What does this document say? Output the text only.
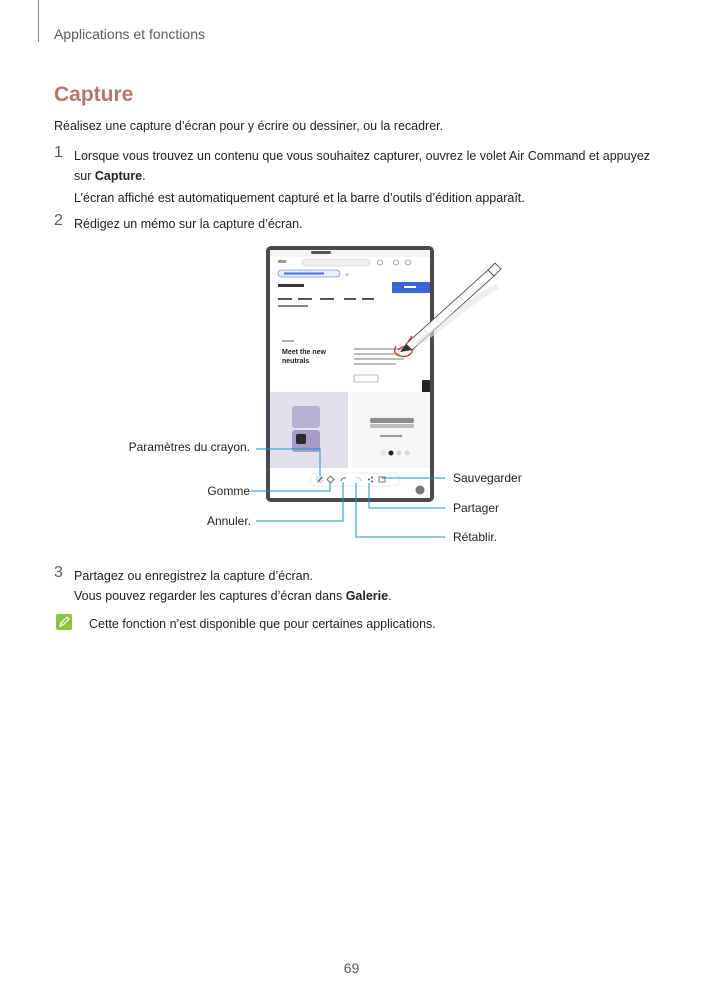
Applications et fonctions
Capture
Réalisez une capture d’écran pour y écrire ou dessiner, ou la recadrer.
1 Lorsque vous trouvez un contenu que vous souhaitez capturer, ouvrez le volet Air Command et appuyez
sur Capture.
L’écran affiché est automatiquement capturé et la barre d’outils d’édition apparaît.
2 Rédigez un mémo sur la capture d’écran.
+
Meet the new
neutrals
Paramètres du crayon.
Gomme
Annuler.
Sauvegarder
Partager
Rétablir.
3 Partagez ou enregistrez la capture d’écran.
Vous pouvez regarder les captures d’écran dans Galerie.
Cette fonction n’est disponible que pour certaines applications.
69
